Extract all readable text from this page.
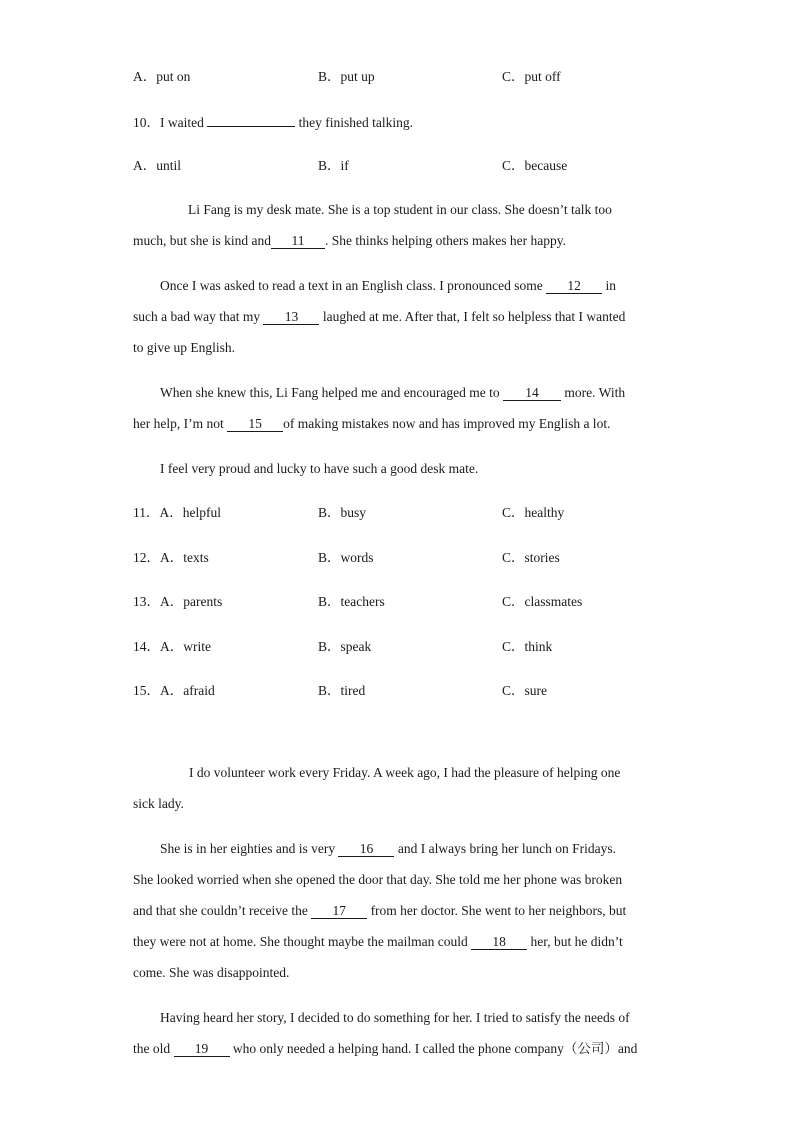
A．put on	B．put up	C．put off
10．I waited	they finished talking.
A．until	B．if	C．because
Li Fang is my desk mate. She is a top student in our class. She doesn’t talk too
much, but she is kind and 11 . She thinks helping others makes her happy.
Once I was asked to read a text in an English class. I pronounced some 12 in
such a bad way that my 13 laughed at me. After that, I felt so helpless that I wanted
to give up English.
When she knew this, Li Fang helped me and encouraged me to 14 more. With
her help, I’m not 15 of making mistakes now and has improved my English a lot.
I feel very proud and lucky to have such a good desk mate.
11．A．helpful	B．busy	C．healthy
12．A．texts	B．words	C．stories
13．A．parents	B．teachers	C．classmates
14．A．write	B．speak	C．think
15．A．afraid	B．tired	C．sure
I do volunteer work every Friday. A week ago, I had the pleasure of helping one
sick lady.
She is in her eighties and is very 16 and I always bring her lunch on Fridays.
She looked worried when she opened the door that day. She told me her phone was broken
and that she couldn’t receive the 17 from her doctor. She went to her neighbors, but
they were not at home. She thought maybe the mailman could 18 her, but he didn’t
come. She was disappointed.
Having heard her story, I decided to do something for her. I tried to satisfy the needs of
the old 19 who only needed a helping hand. I called the phone company（公司）and
